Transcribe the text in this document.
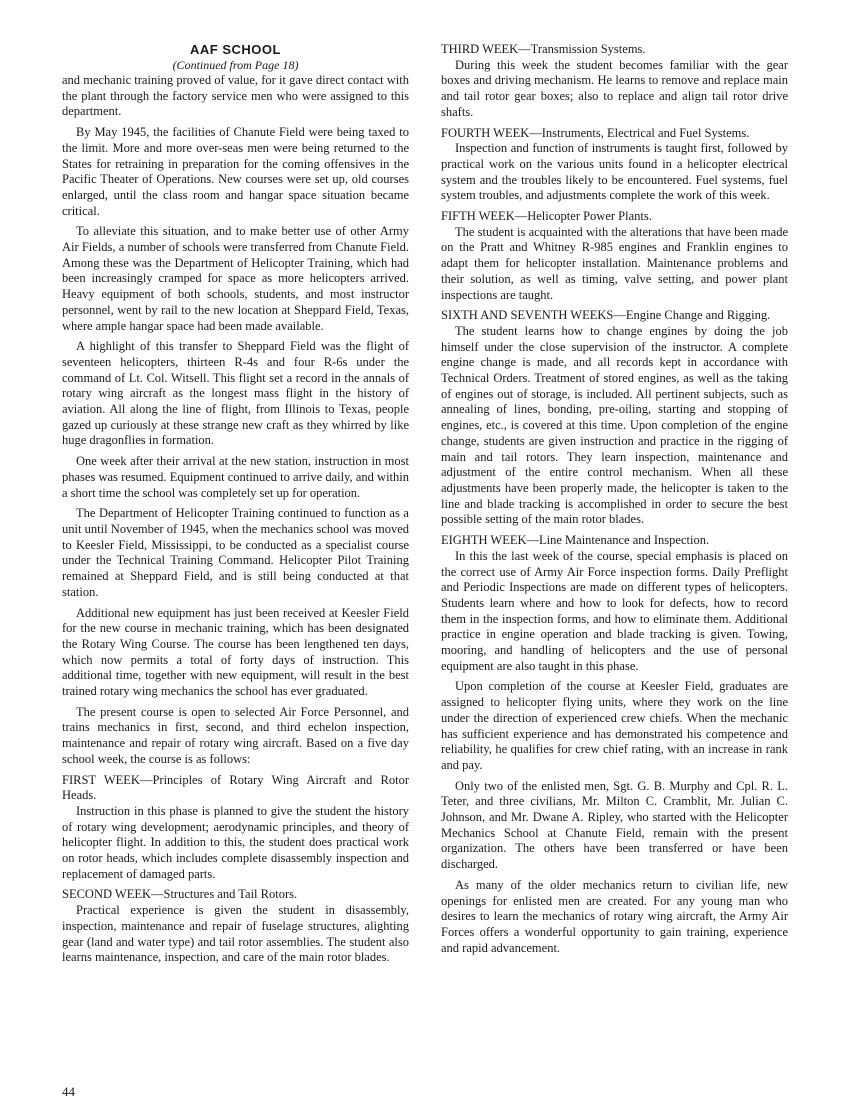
AAF SCHOOL
(Continued from Page 18)

and mechanic training proved of value, for it gave direct contact with the plant through the factory service men who were assigned to this department.

By May 1945, the facilities of Chanute Field were being taxed to the limit. More and more over-seas men were being returned to the States for retraining in preparation for the coming offensives in the Pacific Theater of Operations. New courses were set up, old courses enlarged, until the class room and hangar space situation became critical.

To alleviate this situation, and to make better use of other Army Air Fields, a number of schools were transferred from Chanute Field. Among these was the Department of Helicopter Training, which had been increasingly cramped for space as more helicopters arrived. Heavy equipment of both schools, students, and most instructor personnel, went by rail to the new location at Sheppard Field, Texas, where ample hangar space had been made available.

A highlight of this transfer to Sheppard Field was the flight of seventeen helicopters, thirteen R-4s and four R-6s under the command of Lt. Col. Witsell. This flight set a record in the annals of rotary wing aircraft as the longest mass flight in the history of aviation. All along the line of flight, from Illinois to Texas, people gazed up curiously at these strange new craft as they whirred by like huge dragonflies in formation.

One week after their arrival at the new station, instruction in most phases was resumed. Equipment continued to arrive daily, and within a short time the school was completely set up for operation.

The Department of Helicopter Training continued to function as a unit until November of 1945, when the mechanics school was moved to Keesler Field, Mississippi, to be conducted as a specialist course under the Technical Training Command. Helicopter Pilot Training remained at Sheppard Field, and is still being conducted at that station.

Additional new equipment has just been received at Keesler Field for the new course in mechanic training, which has been designated the Rotary Wing Course. The course has been lengthened ten days, which now permits a total of forty days of instruction. This additional time, together with new equipment, will result in the best trained rotary wing mechanics the school has ever graduated.

The present course is open to selected Air Force Personnel, and trains mechanics in first, second, and third echelon inspection, maintenance and repair of rotary wing aircraft. Based on a five day school week, the course is as follows:

FIRST WEEK—Principles of Rotary Wing Aircraft and Rotor Heads.

Instruction in this phase is planned to give the student the history of rotary wing development; aerodynamic principles, and theory of helicopter flight. In addition to this, the student does practical work on rotor heads, which includes complete disassembly inspection and replacement of damaged parts.

SECOND WEEK—Structures and Tail Rotors.

Practical experience is given the student in disassembly, inspection, maintenance and repair of fuselage structures, alighting gear (land and water type) and tail rotor assemblies. The student also learns maintenance, inspection, and care of the main rotor blades.

THIRD WEEK—Transmission Systems.

During this week the student becomes familiar with the gear boxes and driving mechanism. He learns to remove and replace main and tail rotor gear boxes; also to replace and align tail rotor drive shafts.

FOURTH WEEK—Instruments, Electrical and Fuel Systems.

Inspection and function of instruments is taught first, followed by practical work on the various units found in a helicopter electrical system and the troubles likely to be encountered. Fuel systems, fuel system troubles, and adjustments complete the work of this week.

FIFTH WEEK—Helicopter Power Plants.

The student is acquainted with the alterations that have been made on the Pratt and Whitney R-985 engines and Franklin engines to adapt them for helicopter installation. Maintenance problems and their solution, as well as timing, valve setting, and power plant inspections are taught.

SIXTH AND SEVENTH WEEKS—Engine Change and Rigging.

The student learns how to change engines by doing the job himself under the close supervision of the instructor. A complete engine change is made, and all records kept in accordance with Technical Orders. Treatment of stored engines, as well as the taking of engines out of storage, is included. All pertinent subjects, such as annealing of lines, bonding, pre-oiling, starting and stopping of engines, etc., is covered at this time. Upon completion of the engine change, students are given instruction and practice in the rigging of main and tail rotors. They learn inspection, maintenance and adjustment of the entire control mechanism. When all these adjustments have been properly made, the helicopter is taken to the line and blade tracking is accomplished in order to secure the best possible setting of the main rotor blades.

EIGHTH WEEK—Line Maintenance and Inspection.

In this the last week of the course, special emphasis is placed on the correct use of Army Air Force inspection forms. Daily Preflight and Periodic Inspections are made on different types of helicopters. Students learn where and how to look for defects, how to record them in the inspection forms, and how to eliminate them. Additional practice in engine operation and blade tracking is given. Towing, mooring, and handling of helicopters and the use of personal equipment are also taught in this phase.

Upon completion of the course at Keesler Field, graduates are assigned to helicopter flying units, where they work on the line under the direction of experienced crew chiefs. When the mechanic has sufficient experience and has demonstrated his competence and reliability, he qualifies for crew chief rating, with an increase in rank and pay.

Only two of the enlisted men, Sgt. G. B. Murphy and Cpl. R. L. Teter, and three civilians, Mr. Milton C. Cramblit, Mr. Julian C. Johnson, and Mr. Dwane A. Ripley, who started with the Helicopter Mechanics School at Chanute Field, remain with the present organization. The others have been transferred or have been discharged.

As many of the older mechanics return to civilian life, new openings for enlisted men are created. For any young man who desires to learn the mechanics of rotary wing aircraft, the Army Air Forces offers a wonderful opportunity to gain training, experience and rapid advancement.

44
